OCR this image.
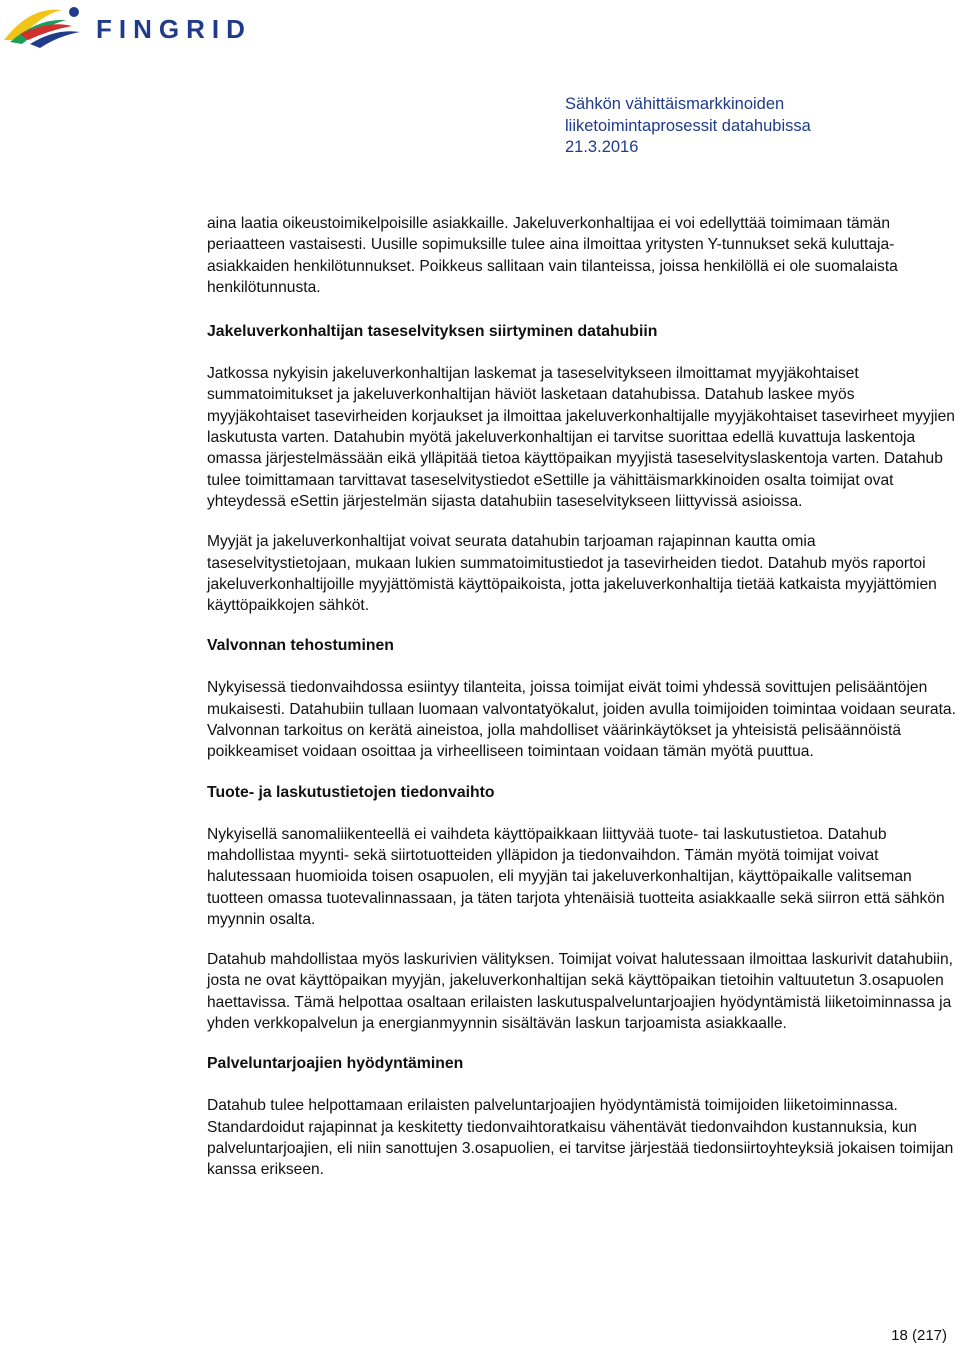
FINGRID
Sähkön vähittäismarkkinoiden
liiketoimintaprosessit datahubissa
21.3.2016

aina laatia oikeustoimikelpoisille asiakkaille. Jakeluverkonhaltijaa ei voi edellyttää toimimaan tämän periaatteen vastaisesti. Uusille sopimuksille tulee aina ilmoittaa yritysten Y-tunnukset sekä kuluttaja-asiakkaiden henkilötunnukset. Poikkeus sallitaan vain tilanteissa, joissa henkilöllä ei ole suomalaista henkilötunnusta.

Jakeluverkonhaltijan taseselvityksen siirtyminen datahubiin

Jatkossa nykyisin jakeluverkonhaltijan laskemat ja taseselvitykseen ilmoittamat myyjäkohtaiset summatoimitukset ja jakeluverkonhaltijan häviöt lasketaan datahubissa. Datahub laskee myös myyjäkohtaiset tasevirheiden korjaukset ja ilmoittaa jakeluverkonhaltijalle myyjäkohtaiset tasevirheet myyjien laskutusta varten. Datahubin myötä jakeluverkonhaltijan ei tarvitse suorittaa edellä kuvattuja laskentoja omassa järjestelmässään eikä ylläpitää tietoa käyttöpaikan myyjistä taseselvityslaskentoja varten. Datahub tulee toimittamaan tarvittavat taseselvitystiedot eSettille ja vähittäismarkkinoiden osalta toimijat ovat yhteydessä eSettin järjestelmän sijasta datahubiin taseselvitykseen liittyvissä asioissa.

Myyjät ja jakeluverkonhaltijat voivat seurata datahubin tarjoaman rajapinnan kautta omia taseselvitystietojaan, mukaan lukien summatoimitustiedot ja tasevirheiden tiedot. Datahub myös raportoi jakeluverkonhaltijoille myyjättömistä käyttöpaikoista, jotta jakeluverkonhaltija tietää katkaista myyjättömien käyttöpaikkojen sähköt.

Valvonnan tehostuminen

Nykyisessä tiedonvaihdossa esiintyy tilanteita, joissa toimijat eivät toimi yhdessä sovittujen pelisääntöjen mukaisesti. Datahubiin tullaan luomaan valvontatyökalut, joiden avulla toimijoiden toimintaa voidaan seurata. Valvonnan tarkoitus on kerätä aineistoa, jolla mahdolliset väärinkäytökset ja yhteisistä pelisäännöistä poikkeamiset voidaan osoittaa ja virheelliseen toimintaan voidaan tämän myötä puuttua.

Tuote- ja laskutustietojen tiedonvaihto

Nykyisellä sanomaliikenteellä ei vaihdeta käyttöpaikkaan liittyvää tuote- tai laskutustietoa. Datahub mahdollistaa myynti- sekä siirtotuotteiden ylläpidon ja tiedonvaihdon. Tämän myötä toimijat voivat halutessaan huomioida toisen osapuolen, eli myyjän tai jakeluverkonhaltijan, käyttöpaikalle valitseman tuotteen omassa tuotevalinnassaan, ja täten tarjota yhtenäisiä tuotteita asiakkaalle sekä siirron että sähkön myynnin osalta.

Datahub mahdollistaa myös laskurivien välityksen. Toimijat voivat halutessaan ilmoittaa laskurivit datahubiin, josta ne ovat käyttöpaikan myyjän, jakeluverkonhaltijan sekä käyttöpaikan tietoihin valtuutetun 3.osapuolen haettavissa. Tämä helpottaa osaltaan erilaisten laskutuspalveluntarjoajien hyödyntämistä liiketoiminnassa ja yhden verkkopalvelun ja energianmyynnin sisältävän laskun tarjoamista asiakkaalle.

Palveluntarjoajien hyödyntäminen

Datahub tulee helpottamaan erilaisten palveluntarjoajien hyödyntämistä toimijoiden liiketoiminnassa. Standardoidut rajapinnat ja keskitetty tiedonvaihtoratkaisu vähentävät tiedonvaihdon kustannuksia, kun palveluntarjoajien, eli niin sanottujen 3.osapuolien, ei tarvitse järjestää tiedonsiirtoyhteyksiä jokaisen toimijan kanssa erikseen.

18 (217)
